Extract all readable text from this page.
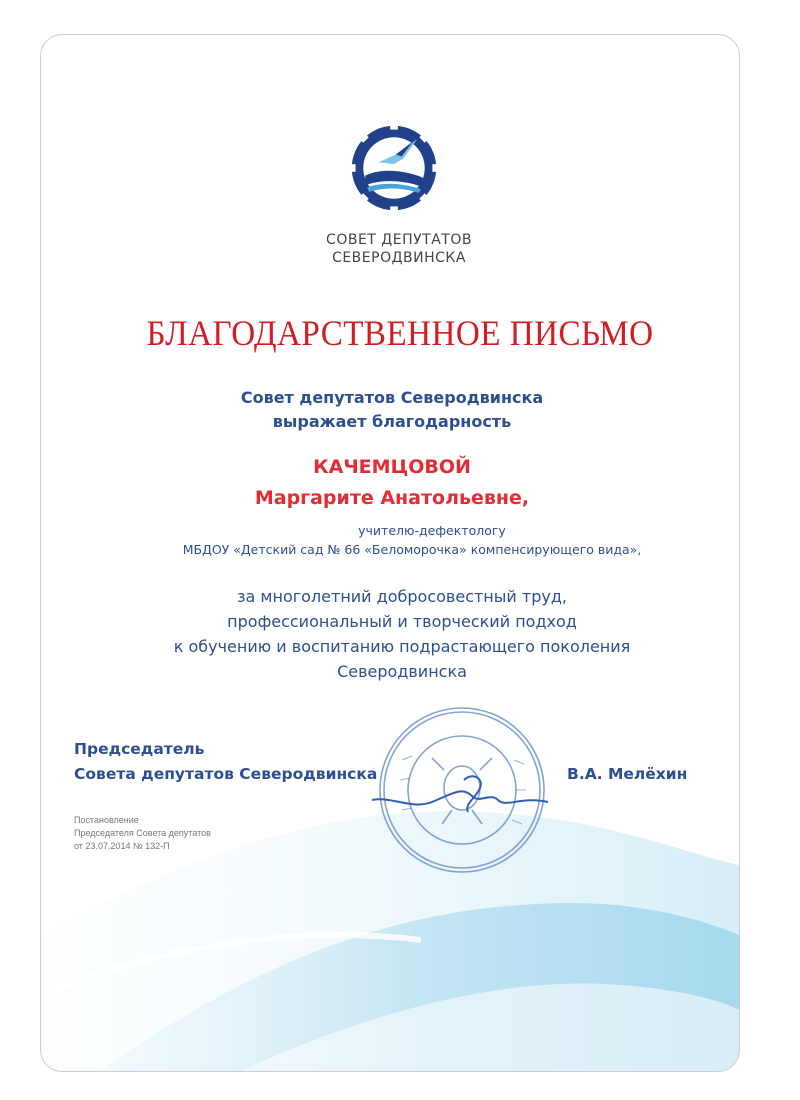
СОВЕТ ДЕПУТАТОВ
СЕВЕРОДВИНСКА
БЛАГОДАРСТВЕННОЕ ПИСЬМО
Совет депутатов Северодвинска
выражает благодарность
КАЧЕМЦОВОЙ
Маргарите Анатольевне,
учителю-дефектологу
МБДОУ «Детский сад № 66 «Беломорочка» компенсирующего вида»,
за многолетний добросовестный труд,
профессиональный и творческий подход
к обучению и воспитанию подрастающего поколения
Северодвинска
Председатель
Совета депутатов Северодвинска	В.А. Мелёхин
Постановление
Председателя Совета депутатов
от 23.07.2014 № 132-П
